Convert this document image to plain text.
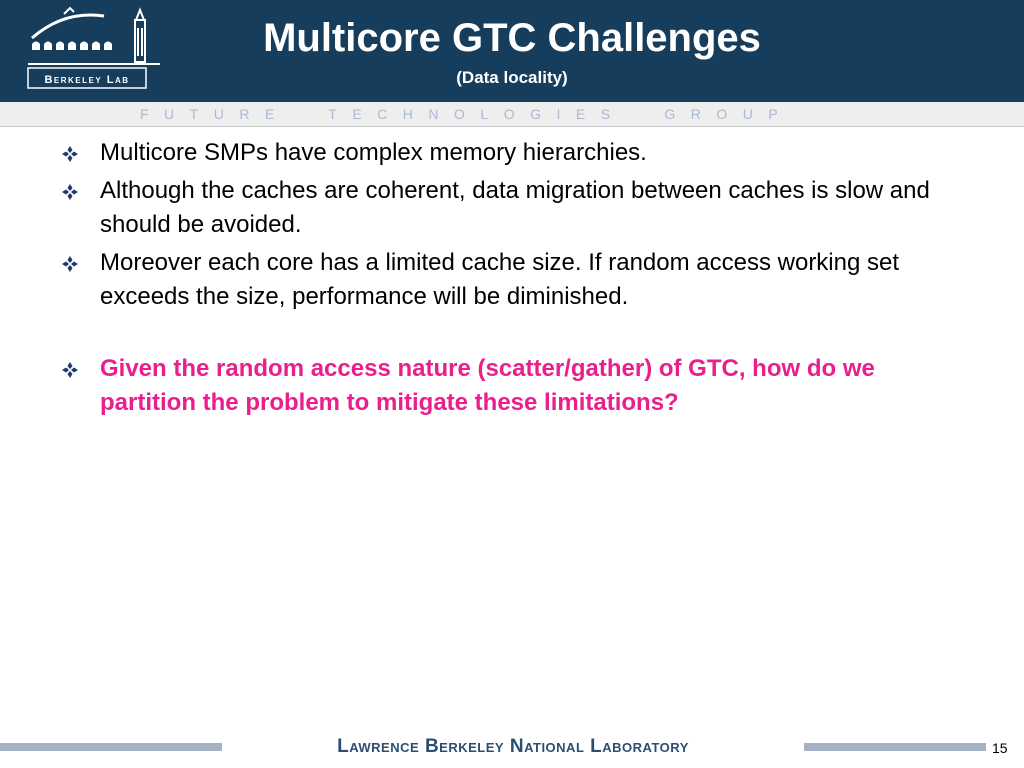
Berkeley Lab
Multicore GTC Challenges
(Data locality)
FUTURE  TECHNOLOGIES  GROUP
Multicore SMPs have complex memory hierarchies.
Although the caches are coherent, data migration between caches is slow and should be avoided.
Moreover each core has a limited cache size. If random access working set exceeds the size, performance will be diminished.
Given the random access nature (scatter/gather) of GTC, how do we partition the problem to mitigate these limitations?
Lawrence Berkeley National Laboratory	15
